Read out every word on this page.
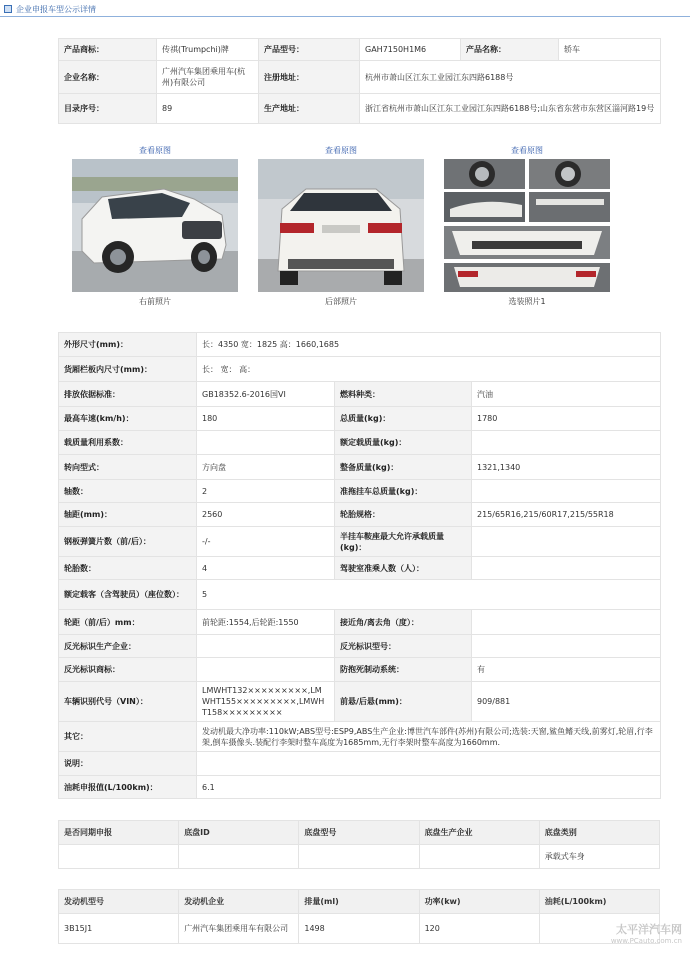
企业申报车型公示详情
产品商标：	传祺(Trumpchi)牌	产品型号：	GAH7150H1M6	产品名称：	轿车
企业名称：	广州汽车集团乘用车(杭州)有限公司	注册地址：	杭州市萧山区江东工业园江东四路6188号		
目录序号：	89	生产地址：	浙江省杭州市萧山区江东工业园江东四路6188号;山东省东营市东营区淄河路19号		
查看原图
右前照片
查看原图
后部照片
查看原图
选装照片1
外形尺寸(mm)：	长：4350 宽：1825 高：1660,1685		
货厢栏板内尺寸(mm)：	长： 宽： 高：		
排放依据标准：	GB18352.6-2016国VI	燃料种类：	汽油
最高车速(km/h)：	180	总质量(kg)：	1780
载质量利用系数：		额定载质量(kg)：	
转向型式：	方向盘	整备质量(kg)：	1321,1340
轴数：	2	准拖挂车总质量(kg)：	
轴距(mm)：	2560	轮胎规格：	215/65R16,215/60R17,215/55R18
钢板弹簧片数（前/后）：	-/-	半挂车鞍座最大允许承载质量(kg)：	
轮胎数：	4	驾驶室准乘人数（人）：	
额定载客（含驾驶员）（座位数）：	5		
轮距（前/后）mm：	前轮距:1554,后轮距:1550	接近角/离去角（度）：	
反光标识生产企业：		反光标识型号：	
反光标识商标：		防抱死制动系统：	有
车辆识别代号（VIN）：	LMWHT132×××××××××,LMWHT155×××××××××,LMWHT158×××××××××	前悬/后悬(mm)：	909/881
其它：	发动机最大净功率:110kW;ABS型号:ESP9,ABS生产企业:博世汽车部件(苏州)有限公司;选装:天窗,鲨鱼鳍天线,前雾灯,轮眉,行李架,倒车摄像头.装配行李架时整车高度为1685mm,无行李架时整车高度为1660mm.		
说明：			
油耗申报值(L/100km)：	6.1		
是否同期申报	底盘ID	底盘型号	底盘生产企业	底盘类别
				承载式车身
发动机型号	发动机企业	排量(ml)	功率(kw)	油耗(L/100km)
3B15J1	广州汽车集团乘用车有限公司	1498	120		太平洋汽车网
www.PCauto.com.cn
